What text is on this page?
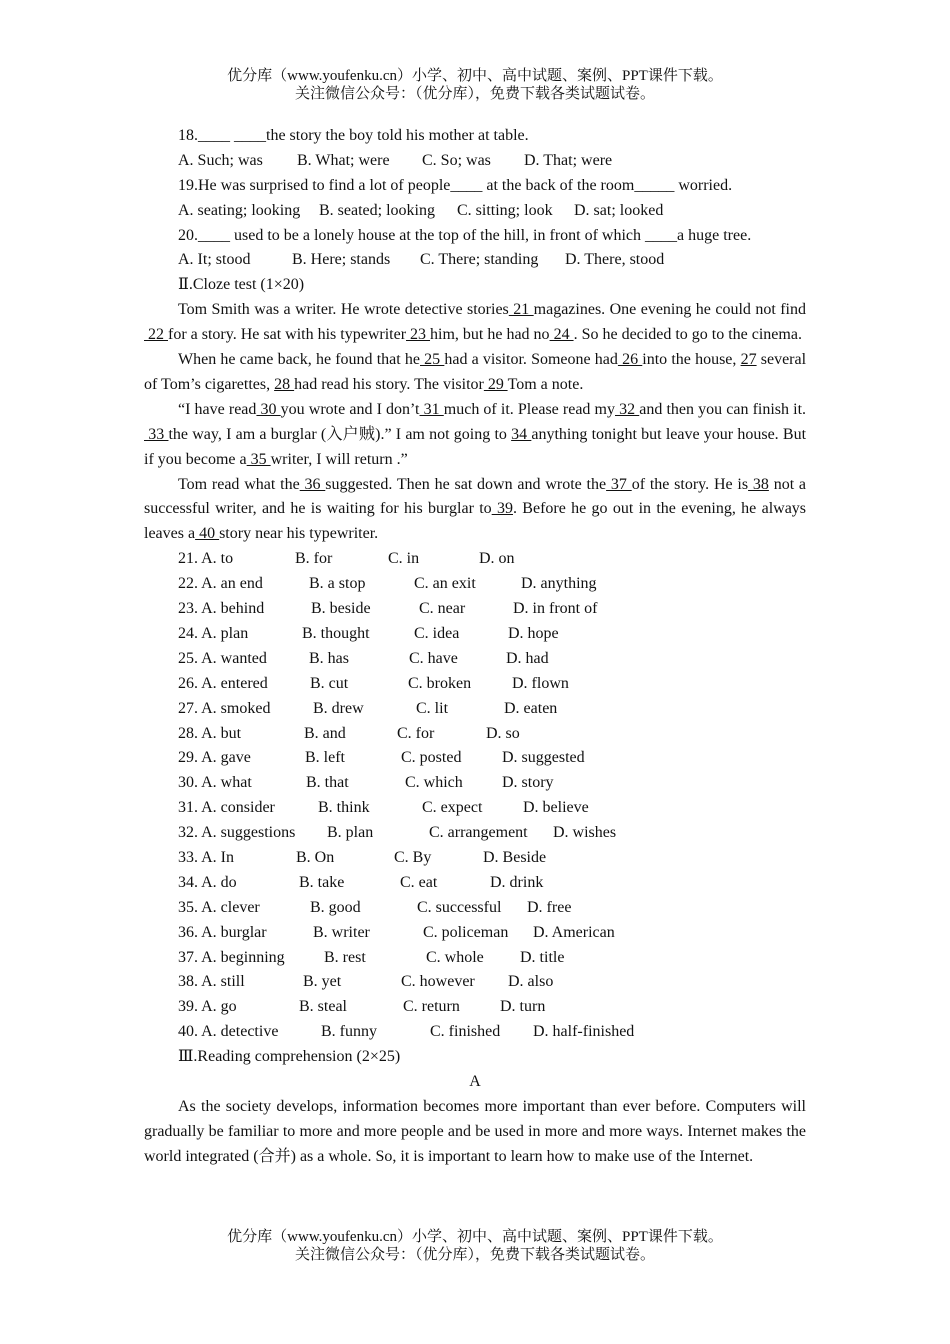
优分库（www.youfenku.cn）小学、初中、高中试题、案例、PPT课件下载。
关注微信公众号：（优分库），免费下载各类试题试卷。
18.____ ____the story the boy told his mother at table.
A. Such; was B. What; were C. So; was D. That; were
19.He was surprised to find a lot of people____ at the back of the room_____ worried.
A. seating; looking B. seated; looking C. sitting; look D. sat; looked
20.____ used to be a lonely house at the top of the hill, in front of which ____a huge tree.
A. It; stood	B. Here; stands C. There; standing D. There, stood
Ⅱ.Cloze test (1×20)
Tom Smith was a writer. He wrote detective stories 21 magazines. One evening he could not find 22 for a story. He sat with his typewriter 23 him, but he had no 24 . So he decided to go to the cinema.
When he came back, he found that he 25 had a visitor. Someone had 26 into the house, 27 several of Tom’s cigarettes, 28 had read his story. The visitor 29 Tom a note.
“I have read 30 you wrote and I don’t 31 much of it. Please read my 32 and then you can finish it. 33 the way, I am a burglar (入户贼).” I am not going to 34 anything tonight but leave your house. But if you become a 35 writer, I will return .”
Tom read what the 36 suggested. Then he sat down and wrote the 37 of the story. He is 38 not a successful writer, and he is waiting for his burglar to 39. Before he go out in the evening, he always leaves a 40 story near his typewriter.
21. A. to	B. for	C. in	D. on
22. A. an end	B. a stop	C. an exit	D. anything
23. A. behind	B. beside	C. near	D. in front of
24. A. plan	B. thought	C. idea	D. hope
25. A. wanted	B. has	C. have	D. had
26. A. entered	B. cut	C. broken	D. flown
27. A. smoked	B. drew	C. lit	D. eaten
28. A. but	B. and	C. for	D. so
29. A. gave	B. left	C. posted	D. suggested
30. A. what	B. that	C. which D. story
31. A. consider	B. think	C. expect	D. believe
32. A. suggestions B. plan	C. arrangement D. wishes
33. A. In	B. On	C. By	D. Beside
34. A. do	B. take	C. eat	D. drink
35. A. clever	B. good	C. successful D. free
36. A. burglar	B. writer	C. policeman D. American
37. A. beginning B. rest	C. whole D. title
38. A. still	B. yet	C. however D. also
39. A. go	B. steal	C. return	D. turn
40. A. detective	B. funny	C. finished D. half-finished
Ⅲ.Reading comprehension (2×25)
A
As the society develops, information becomes more important than ever before. Computers will gradually be familiar to more and more people and be used in more and more ways. Internet makes the world integrated (合并) as a whole. So, it is important to learn how to make use of the Internet.
优分库（www.youfenku.cn）小学、初中、高中试题、案例、PPT课件下载。
关注微信公众号：（优分库），免费下载各类试题试卷。
